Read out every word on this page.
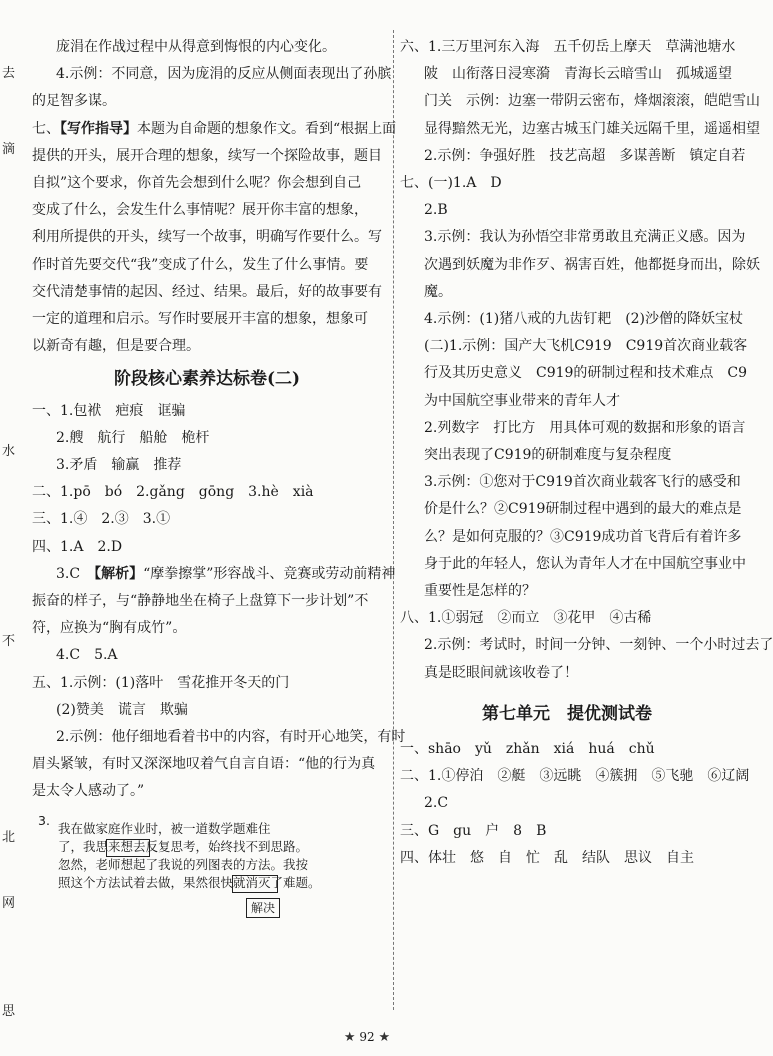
去
滴
水
不
北
网
思
庞涓在作战过程中从得意到悔恨的内心变化。
4.示例：不同意，因为庞涓的反应从侧面表现出了孙膑
的足智多谋。
七、【写作指导】本题为自命题的想象作文。看到“根据上面
提供的开头，展开合理的想象，续写一个探险故事，题目
自拟”这个要求，你首先会想到什么呢？你会想到自己
变成了什么，会发生什么事情呢？展开你丰富的想象，
利用所提供的开头，续写一个故事，明确写作要什么。写
作时首先要交代“我”变成了什么，发生了什么事情。要
交代清楚事情的起因、经过、结果。最后，好的故事要有
一定的道理和启示。写作时要展开丰富的想象，想象可
以新奇有趣，但是要合理。
阶段核心素养达标卷(二)
一、1.包袱　疤痕　诓骗
2.艘　航行　船舱　桅杆
3.矛盾　输赢　推荐
二、1.pō　bó　2.gǎng　gōng　3.hè　xià
三、1.④　2.③　3.①
四、1.A　2.D
3.C　【解析】“摩拳擦掌”形容战斗、竞赛或劳动前精神
振奋的样子，与“静静地坐在椅子上盘算下一步计划”不
符，应换为“胸有成竹”。
4.C　5.A
五、1.示例：(1)落叶　雪花推开冬天的门
(2)赞美　谎言　欺骗
2.示例：他仔细地看着书中的内容，有时开心地笑，有时
眉头紧皱，有时又深深地叹着气自言自语：“他的行为真
是太令人感动了。”
3.
我在做家庭作业时，被一道数学题难住
了，我思来想去反复思考，始终找不到思路。
忽然，老师想起了我说的列图表的方法。我按
照这个方法试着去做，果然很快就消灭了难题。
解决
六、1.三万里河东入海　五千仞岳上摩天　草满池塘水
陂　山衔落日浸寒漪　青海长云暗雪山　孤城遥望
门关　示例：边塞一带阴云密布，烽烟滚滚，皑皑雪山
显得黯然无光，边塞古城玉门雄关远隔千里，遥遥相望
2.示例：争强好胜　技艺高超　多谋善断　镇定自若
七、(一)1.A　D
2.B
3.示例：我认为孙悟空非常勇敢且充满正义感。因为
次遇到妖魔为非作歹、祸害百姓，他都挺身而出，除妖
魔。
4.示例：(1)猪八戒的九齿钉耙　(2)沙僧的降妖宝杖
(二)1.示例：国产大飞机C919　C919首次商业载客
行及其历史意义　C919的研制过程和技术难点　C9
为中国航空事业带来的青年人才
2.列数字　打比方　用具体可观的数据和形象的语言
突出表现了C919的研制难度与复杂程度
3.示例：①您对于C919首次商业载客飞行的感受和
价是什么？②C919研制过程中遇到的最大的难点是
么？是如何克服的？③C919成功首飞背后有着许多
身于此的年轻人，您认为青年人才在中国航空事业中
重要性是怎样的？
八、1.①弱冠　②而立　③花甲　④古稀
2.示例：考试时，时间一分钟、一刻钟、一个小时过去了
真是眨眼间就该收卷了！
第七单元　提优测试卷
一、shāo　yǔ　zhǎn　xiá　huá　chǔ
二、1.①停泊　②艇　③远眺　④簇拥　⑤飞驰　⑥辽阔
2.C
三、G　gu　户　8　B
四、体壮　悠　自　忙　乱　结队　思议　自主
★ 92 ★
